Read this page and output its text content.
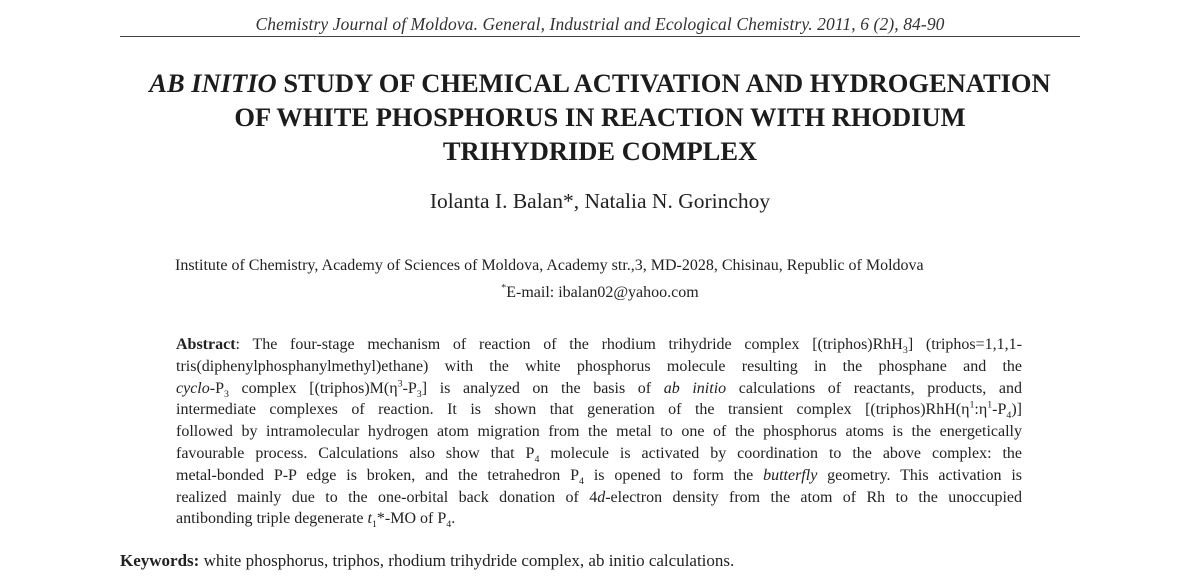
Chemistry Journal of Moldova. General, Industrial and Ecological Chemistry. 2011, 6 (2), 84-90
AB INITIO STUDY OF CHEMICAL ACTIVATION AND HYDROGENATION
OF WHITE PHOSPHORUS IN REACTION WITH RHODIUM
TRIHYDRIDE COMPLEX
Iolanta I. Balan*, Natalia N. Gorinchoy
Institute of Chemistry, Academy of Sciences of Moldova, Academy str.,3, MD-2028, Chisinau, Republic of Moldova
*E-mail: ibalan02@yahoo.com
Abstract: The four-stage mechanism of reaction of the rhodium trihydride complex [(triphos)RhH$_3$] (triphos=1,1,1-
tris(diphenylphosphanylmethyl)ethane) with the white phosphorus molecule resulting in the phosphane and the
cyclo-$P_3$ complex [$(triphos)M(\eta^3-P_3]$ is analyzed on the basis of ab initio calculations of reactants, products, and
intermediate complexes of reaction. It is shown that generation of the transient complex $[(triphos)RhH(\eta^1:\eta^1-P_4)]$
followed by intramolecular hydrogen atom migration from the metal to one of the phosphorus atoms is the energetically
favourable process. Calculations also show that $P_4$ molecule is activated by coordination to the above complex: the
metal-bonded P-P edge is broken, and the tetrahedron $P_4$ is opened to form the butterfly geometry. This activation is
realized mainly due to the one-orbital back donation of 4d-electron density from the atom of Rh to the unoccupied
antibonding triple degenerate $t_1*-MO$ of $P_4$.
Keywords: white phosphorus, triphos, rhodium trihydride complex, ab initio calculations.
